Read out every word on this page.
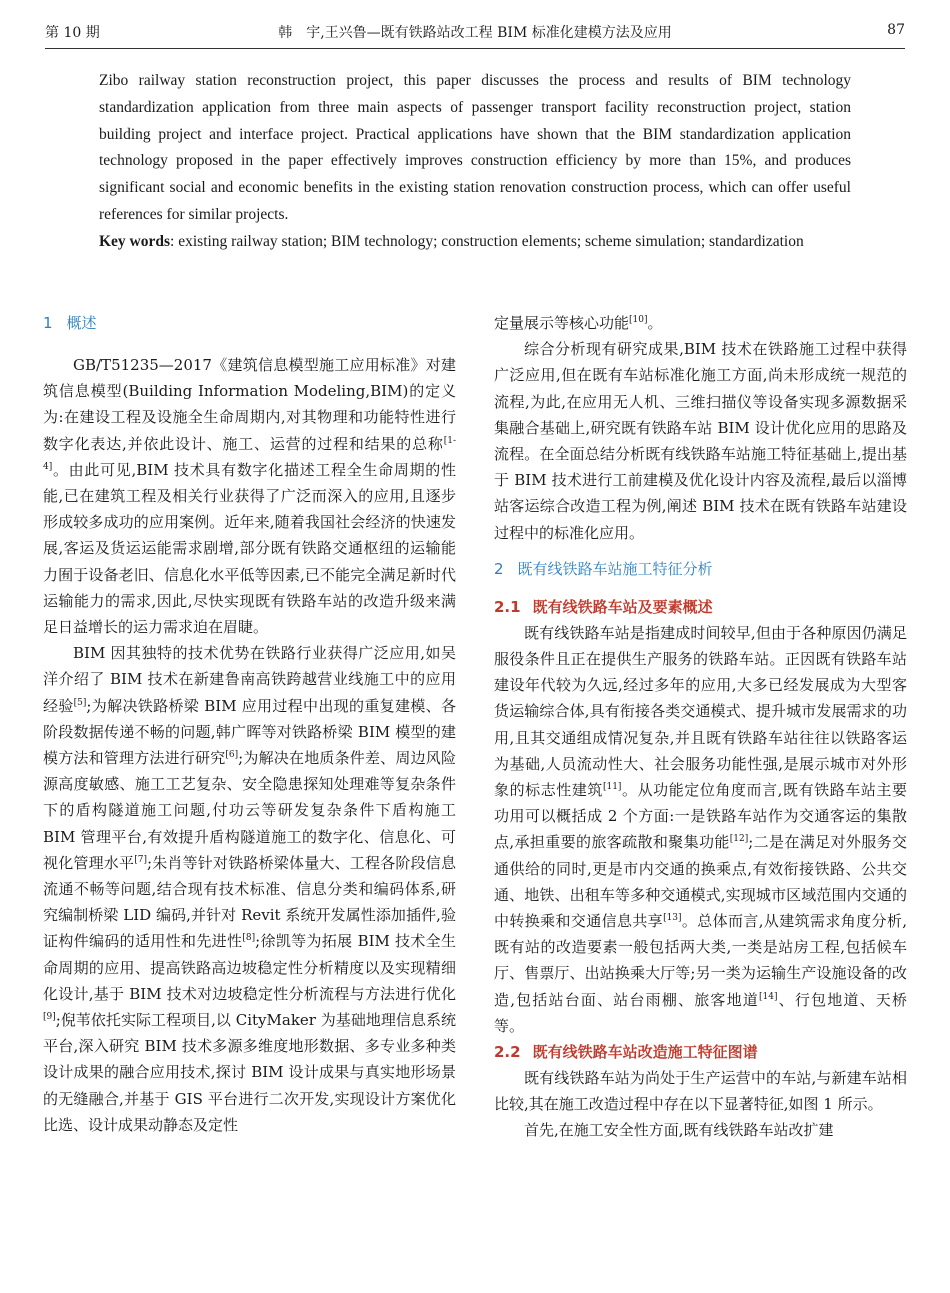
第 10 期	韩　宇,王兴鲁—既有铁路站改工程 BIM 标准化建模方法及应用	87

Zibo railway station reconstruction project, this paper discusses the process and results of BIM technology standardization application from three main aspects of passenger transport facility reconstruction project, station building project and interface project. Practical applications have shown that the BIM standardization application technology proposed in the paper effectively improves construction efficiency by more than 15%, and produces significant social and economic benefits in the existing station renovation construction process, which can offer useful references for similar projects.

Key words: existing railway station; BIM technology; construction elements; scheme simulation; standardization

1 概述

GB/T51235—2017《建筑信息模型施工应用标准》对建筑信息模型(Building Information Modeling,BIM)的定义为:在建设工程及设施全生命周期内,对其物理和功能特性进行数字化表达,并依此设计、施工、运营的过程和结果的总称[1-4]。由此可见,BIM 技术具有数字化描述工程全生命周期的性能,已在建筑工程及相关行业获得了广泛而深入的应用,且逐步形成较多成功的应用案例。近年来,随着我国社会经济的快速发展,客运及货运运能需求剧增,部分既有铁路交通枢纽的运输能力囿于设备老旧、信息化水平低等因素,已不能完全满足新时代运输能力的需求,因此,尽快实现既有铁路车站的改造升级来满足日益增长的运力需求迫在眉睫。

BIM 因其独特的技术优势在铁路行业获得广泛应用,如吴洋介绍了 BIM 技术在新建鲁南高铁跨越营业线施工中的应用经验[5];为解决铁路桥梁 BIM 应用过程中出现的重复建模、各阶段数据传递不畅的问题,韩广晖等对铁路桥梁 BIM 模型的建模方法和管理方法进行研究[6];为解决在地质条件差、周边风险源高度敏感、施工工艺复杂、安全隐患探知处理难等复杂条件下的盾构隧道施工问题,付功云等研发复杂条件下盾构施工 BIM 管理平台,有效提升盾构隧道施工的数字化、信息化、可视化管理水平[7];朱肖等针对铁路桥梁体量大、工程各阶段信息流通不畅等问题,结合现有技术标准、信息分类和编码体系,研究编制桥梁 LID 编码,并针对 Revit 系统开发属性添加插件,验证构件编码的适用性和先进性[8];徐凯等为拓展 BIM 技术全生命周期的应用、提高铁路高边坡稳定性分析精度以及实现精细化设计,基于 BIM 技术对边坡稳定性分析流程与方法进行优化[9];倪苇依托实际工程项目,以 CityMaker 为基础地理信息系统平台,深入研究 BIM 技术多源多维度地形数据、多专业多种类设计成果的融合应用技术,探讨 BIM 设计成果与真实地形场景的无缝融合,并基于 GIS 平台进行二次开发,实现设计方案优化比选、设计成果动静态及定性

定量展示等核心功能[10]。

综合分析现有研究成果,BIM 技术在铁路施工过程中获得广泛应用,但在既有车站标准化施工方面,尚未形成统一规范的流程,为此,在应用无人机、三维扫描仪等设备实现多源数据采集融合基础上,研究既有铁路车站 BIM 设计优化应用的思路及流程。在全面总结分析既有线铁路车站施工特征基础上,提出基于 BIM 技术进行工前建模及优化设计内容及流程,最后以淄博站客运综合改造工程为例,阐述 BIM 技术在既有铁路车站建设过程中的标准化应用。

2 既有线铁路车站施工特征分析
2.1 既有线铁路车站及要素概述

既有线铁路车站是指建成时间较早,但由于各种原因仍满足服役条件且正在提供生产服务的铁路车站。正因既有铁路车站建设年代较为久远,经过多年的应用,大多已经发展成为大型客货运输综合体,具有衔接各类交通模式、提升城市发展需求的功用,且其交通组成情况复杂,并且既有铁路车站往往以铁路客运为基础,人员流动性大、社会服务功能性强,是展示城市对外形象的标志性建筑[11]。从功能定位角度而言,既有铁路车站主要功用可以概括成 2 个方面:一是铁路车站作为交通客运的集散点,承担重要的旅客疏散和聚集功能[12];二是在满足对外服务交通供给的同时,更是市内交通的换乘点,有效衔接铁路、公共交通、地铁、出租车等多种交通模式,实现城市区域范围内交通的中转换乘和交通信息共享[13]。总体而言,从建筑需求角度分析,既有站的改造要素一般包括两大类,一类是站房工程,包括候车厅、售票厅、出站换乘大厅等;另一类为运输生产设施设备的改造,包括站台面、站台雨棚、旅客地道[14]、行包地道、天桥等。

2.2 既有线铁路车站改造施工特征图谱

既有线铁路车站为尚处于生产运营中的车站,与新建车站相比较,其在施工改造过程中存在以下显著特征,如图 1 所示。

首先,在施工安全性方面,既有线铁路车站改扩建
